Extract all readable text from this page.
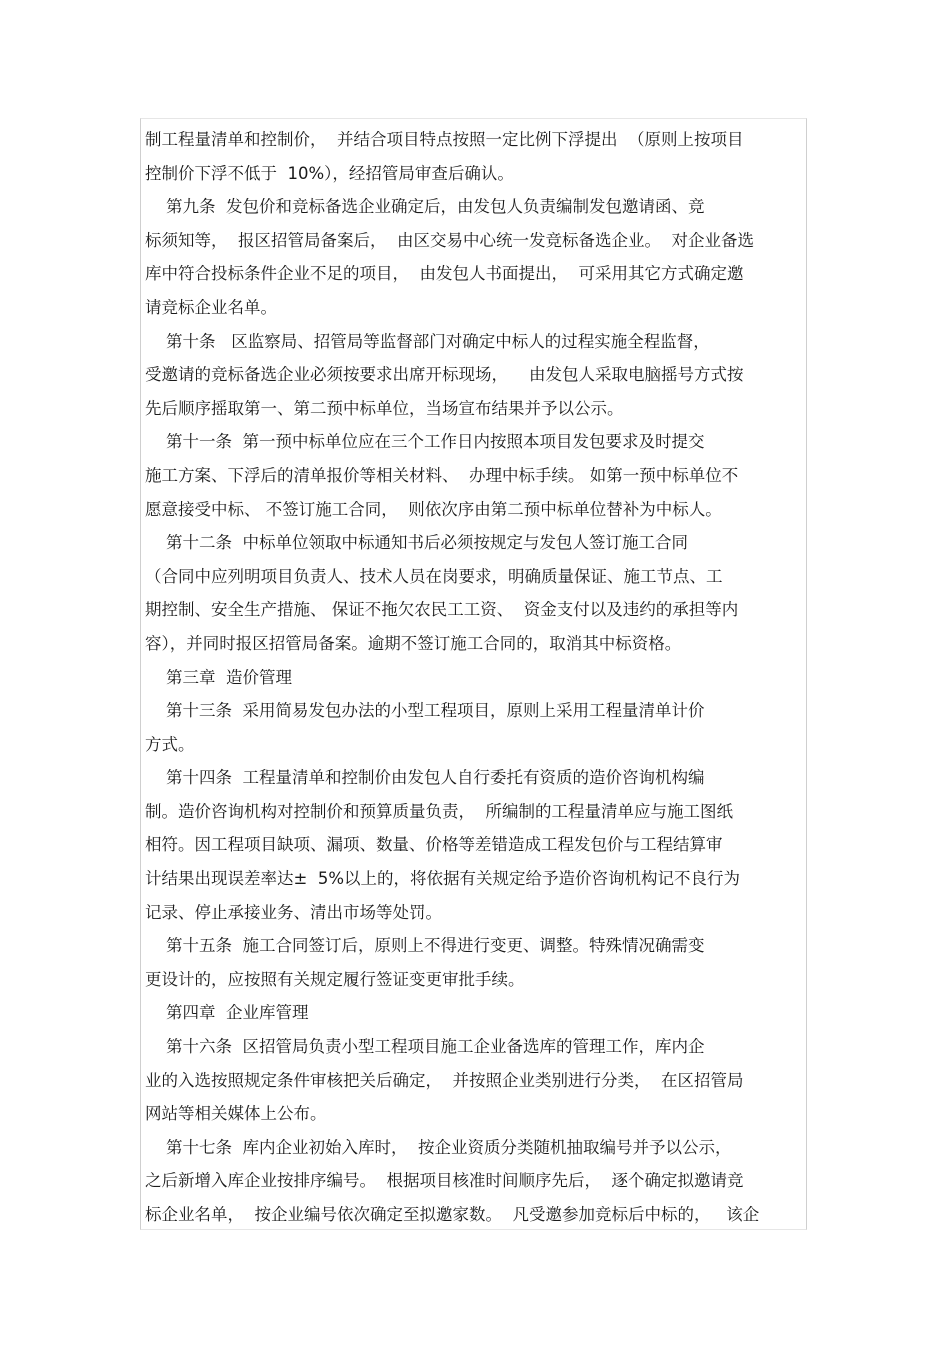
制工程量清单和控制价，  并结合项目特点按照一定比例下浮提出  （原则上按项目
控制价下浮不低于  10%），经招管局审查后确认。
第九条  发包价和竞标备选企业确定后，由发包人负责编制发包邀请函、竞
标须知等，  报区招管局备案后，  由区交易中心统一发竞标备选企业。  对企业备选
库中符合投标条件企业不足的项目，  由发包人书面提出，  可采用其它方式确定邀
请竞标企业名单。
第十条   区监察局、招管局等监督部门对确定中标人的过程实施全程监督，
受邀请的竞标备选企业必须按要求出席开标现场，    由发包人采取电脑摇号方式按
先后顺序摇取第一、第二预中标单位，当场宣布结果并予以公示。
第十一条  第一预中标单位应在三个工作日内按照本项目发包要求及时提交
施工方案、下浮后的清单报价等相关材料、  办理中标手续。 如第一预中标单位不
愿意接受中标、 不签订施工合同，  则依次序由第二预中标单位替补为中标人。
第十二条  中标单位领取中标通知书后必须按规定与发包人签订施工合同
（合同中应列明项目负责人、技术人员在岗要求，明确质量保证、施工节点、工
期控制、安全生产措施、 保证不拖欠农民工工资、  资金支付以及违约的承担等内
容），并同时报区招管局备案。逾期不签订施工合同的，取消其中标资格。
第三章  造价管理
第十三条  采用简易发包办法的小型工程项目，原则上采用工程量清单计价
方式。
第十四条  工程量清单和控制价由发包人自行委托有资质的造价咨询机构编
制。造价咨询机构对控制价和预算质量负责，  所编制的工程量清单应与施工图纸
相符。因工程项目缺项、漏项、数量、价格等差错造成工程发包价与工程结算审
计结果出现误差率达±  5%以上的，将依据有关规定给予造价咨询机构记不良行为
记录、停止承接业务、清出市场等处罚。
第十五条  施工合同签订后，原则上不得进行变更、调整。特殊情况确需变
更设计的，应按照有关规定履行签证变更审批手续。
第四章  企业库管理
第十六条  区招管局负责小型工程项目施工企业备选库的管理工作，库内企
业的入选按照规定条件审核把关后确定，  并按照企业类别进行分类，  在区招管局
网站等相关媒体上公布。
第十七条  库内企业初始入库时，  按企业资质分类随机抽取编号并予以公示，
之后新增入库企业按排序编号。  根据项目核准时间顺序先后，  逐个确定拟邀请竞
标企业名单，  按企业编号依次确定至拟邀家数。  凡受邀参加竞标后中标的，   该企
